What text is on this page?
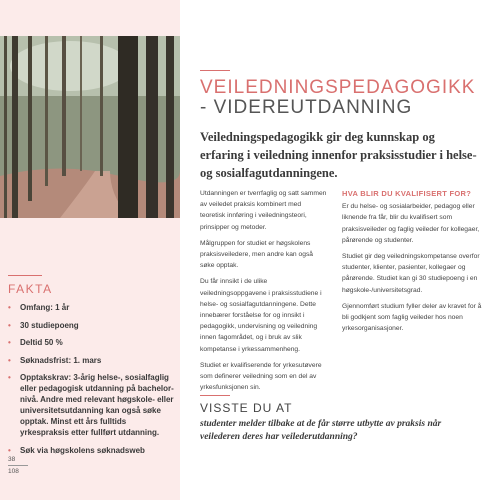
FAKTA
• Omfang: 1 år
• 30 studiepoeng
• Deltid 50 %
• Søknadsfrist: 1. mars
• Opptakskrav: 3-årig helse-, sosialfaglig eller pedagogisk utdanning på bachelor-nivå. Andre med relevant høgskole- eller universitetsutdanning kan også søke opptak. Minst ett års fulltids yrkespraksis etter fullført utdanning.
• Søk via høgskolens søknadsweb
38
108
VEILEDNINGSPEDAGOGIKK
- VIDEREUTDANNING
Veiledningspedagogikk gir deg kunnskap og erfaring i veiledning innenfor praksisstudier i helse- og sosialfagutdanningene.

Utdanningen er tverrfaglig og satt sammen av veiledet praksis kombinert med teoretisk innføring i veiledningsteori, prinsipper og metoder.

Målgruppen for studiet er høgskolens praksisveiledere, men andre kan også søke opptak.

Du får innsikt i de ulike veiledningsoppgavene i praksisstudiene i helse- og sosialfagutdanningene. Dette innebærer forståelse for og innsikt i pedagogikk, undervisning og veiledning innen fagområdet, og i bruk av slik kompetanse i yrkessammenheng.

Studiet er kvalifiserende for yrkesutøvere som definerer veiledning som en del av yrkesfunksjonen sin.

HVA BLIR DU KVALIFISERT FOR?

Er du helse- og sosialarbeider, pedagog eller liknende fra får, blir du kvalifisert som praksisveileder og faglig veileder for kollegaer, pårørende og studenter.

Studiet gir deg veiledningskompetanse overfor studenter, klienter, pasienter, kollegaer og pårørende. Studiet kan gi 30 studiepoeng i en høgskole-/universitetsgrad.

Gjennomført studium fyller deler av kravet for å bli godkjent som faglig veileder hos noen yrkesorganisasjoner.

VISSTE DU AT
studenter melder tilbake at de får større utbytte av praksis når veilederen deres har veilederutdanning?
